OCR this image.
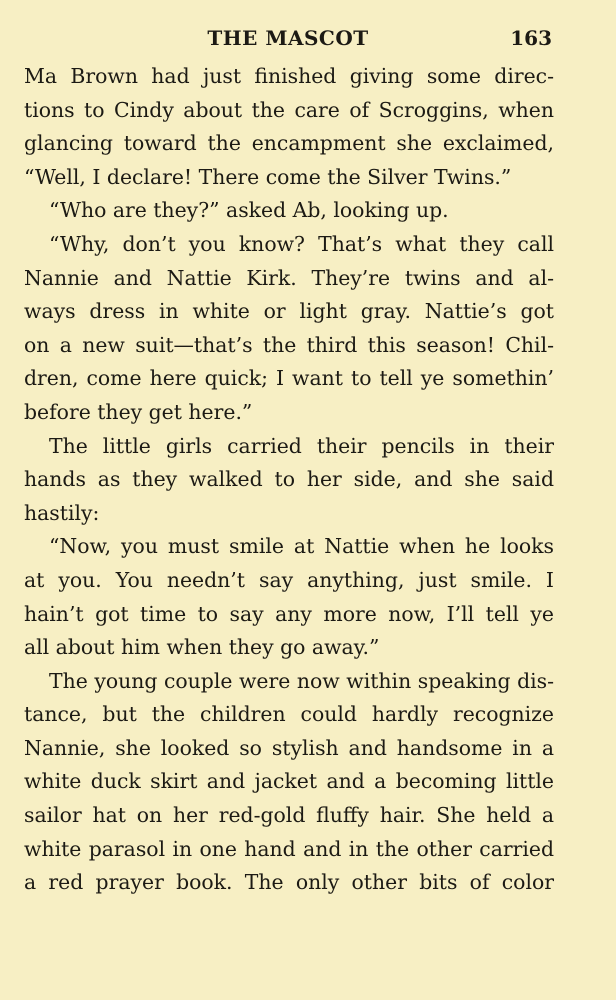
THE MASCOT	163
Ma Brown had just finished giving some direc-
tions to Cindy about the care of Scroggins, when
glancing toward the encampment she exclaimed,
“Well, I declare! There come the Silver Twins.”
“Who are they?” asked Ab, looking up.
“Why, don’t you know? That’s what they call
Nannie and Nattie Kirk. They’re twins and al-
ways dress in white or light gray. Nattie’s got
on a new suit—that’s the third this season! Chil-
dren, come here quick; I want to tell ye somethin’
before they get here.”
The little girls carried their pencils in their
hands as they walked to her side, and she said
hastily:
“Now, you must smile at Nattie when he looks
at you. You needn’t say anything, just smile. I
hain’t got time to say any more now, I’ll tell ye
all about him when they go away.”
The young couple were now within speaking dis-
tance, but the children could hardly recognize
Nannie, she looked so stylish and handsome in a
white duck skirt and jacket and a becoming little
sailor hat on her red-gold fluffy hair. She held a
white parasol in one hand and in the other carried
a red prayer book. The only other bits of color
